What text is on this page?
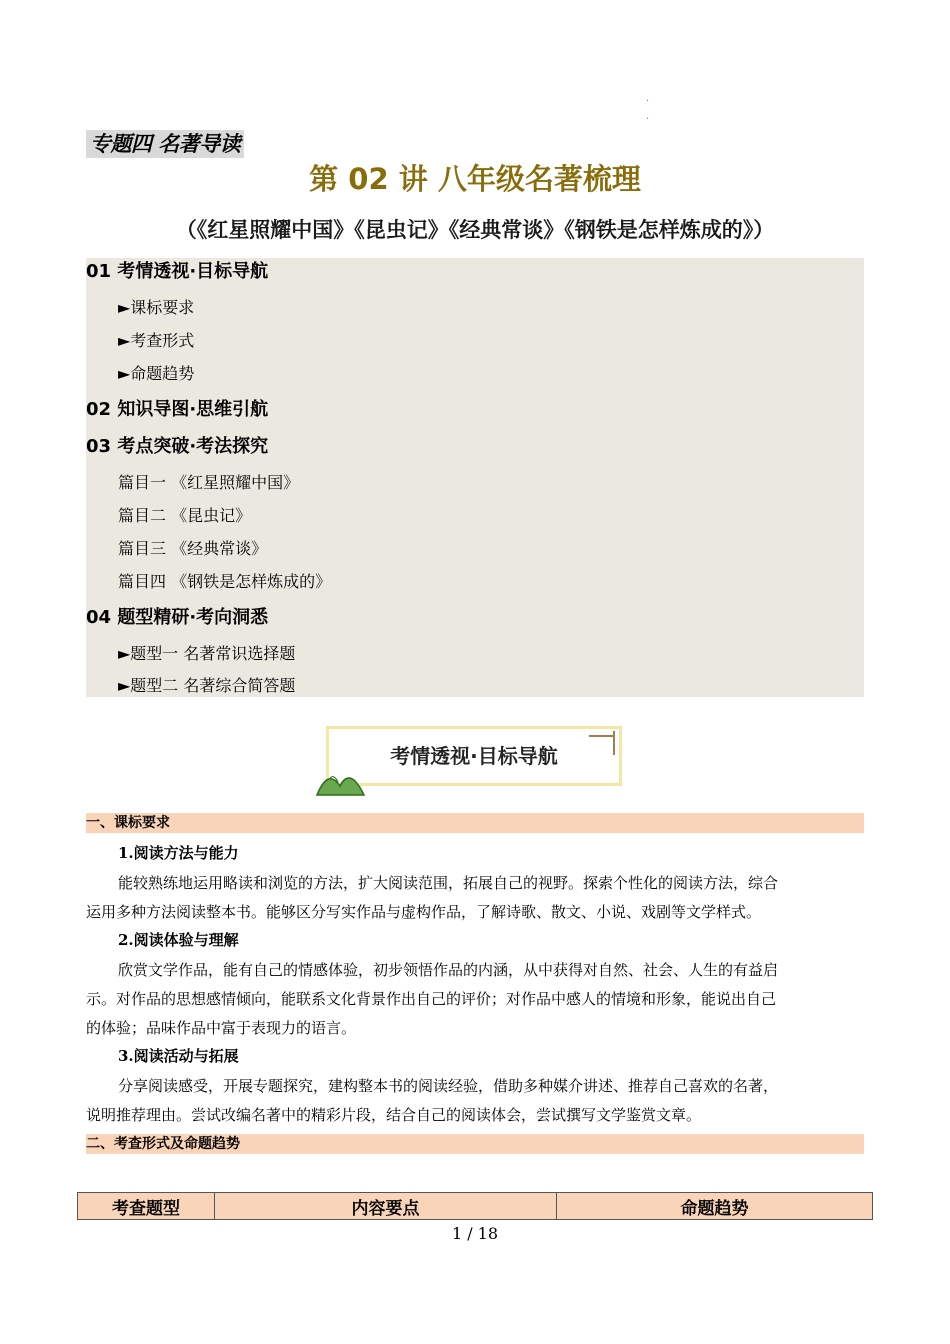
·
·
专题四 名著导读
第 02 讲 八年级名著梳理
（《红星照耀中国》《昆虫记》《经典常谈》《钢铁是怎样炼成的》）
01 考情透视·目标导航
►课标要求
►考查形式
►命题趋势
02 知识导图·思维引航
03 考点突破·考法探究
篇目一 《红星照耀中国》
篇目二 《昆虫记》
篇目三 《经典常谈》
篇目四 《钢铁是怎样炼成的》
04 题型精研·考向洞悉
►题型一 名著常识选择题
►题型二 名著综合简答题
考情透视·目标导航
一、课标要求
1.阅读方法与能力
能较熟练地运用略读和浏览的方法，扩大阅读范围，拓展自己的视野。探索个性化的阅读方法，综合
运用多种方法阅读整本书。能够区分写实作品与虚构作品，了解诗歌、散文、小说、戏剧等文学样式。
2.阅读体验与理解
欣赏文学作品，能有自己的情感体验，初步领悟作品的内涵，从中获得对自然、社会、人生的有益启
示。对作品的思想感情倾向，能联系文化背景作出自己的评价；对作品中感人的情境和形象，能说出自己
的体验；品味作品中富于表现力的语言。
3.阅读活动与拓展
分享阅读感受，开展专题探究，建构整本书的阅读经验，借助多种媒介讲述、推荐自己喜欢的名著，
说明推荐理由。尝试改编名著中的精彩片段，结合自己的阅读体会，尝试撰写文学鉴赏文章。
二、考查形式及命题趋势
考查题型	内容要点	命题趋势
1 / 18
